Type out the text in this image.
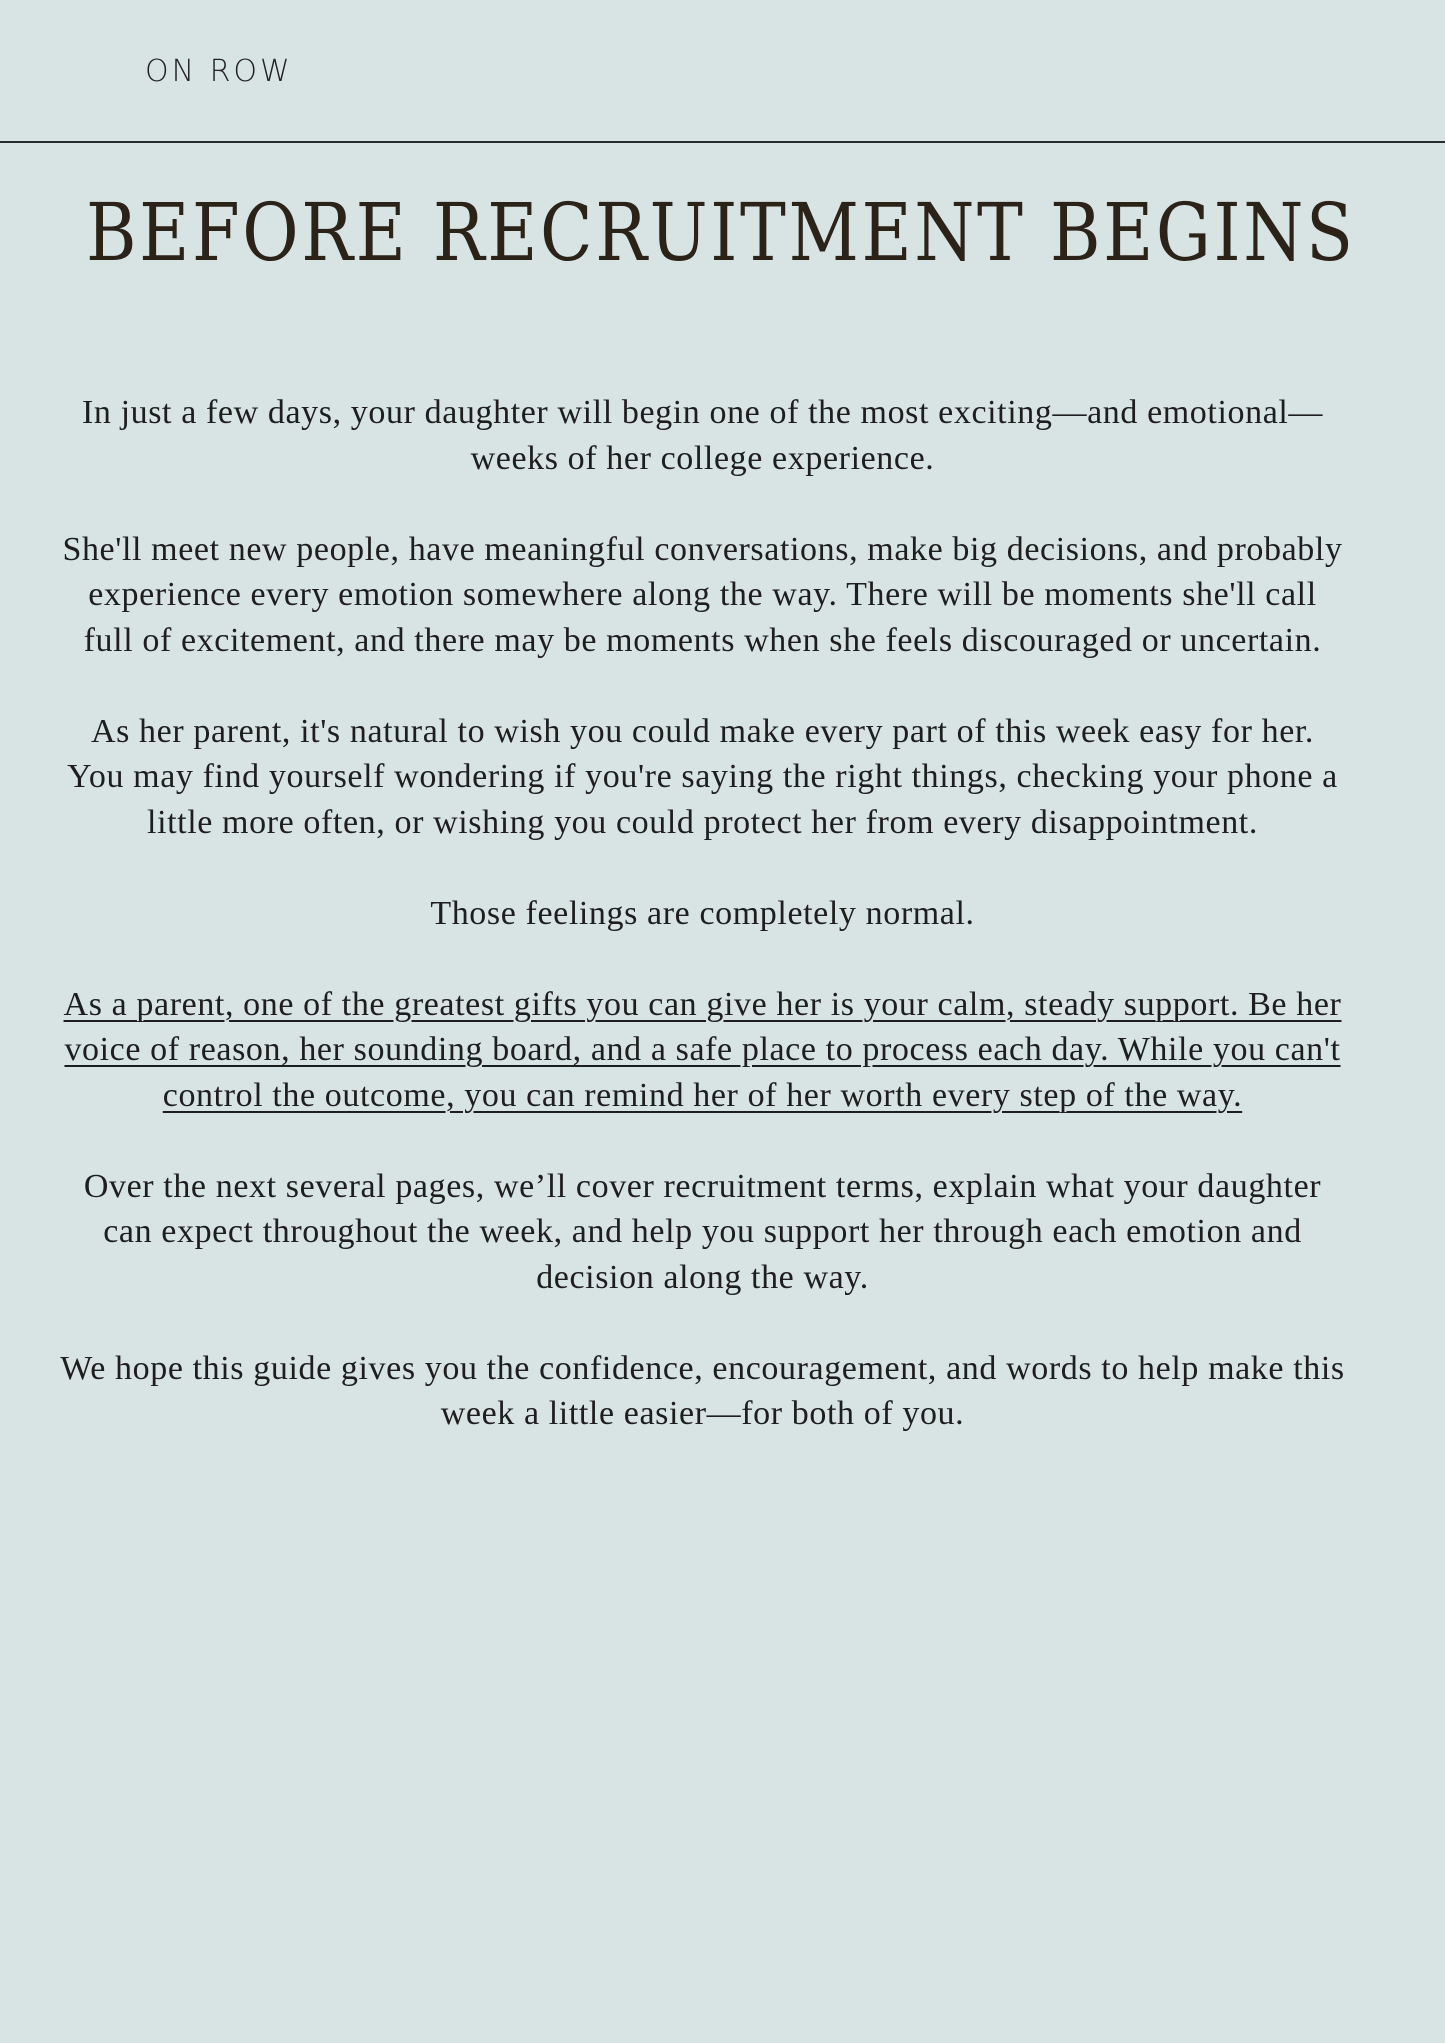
ON ROW
BEFORE RECRUITMENT BEGINS

In just a few days, your daughter will begin one of the most exciting—and emotional—weeks of her college experience.

She'll meet new people, have meaningful conversations, make big decisions, and probably experience every emotion somewhere along the way. There will be moments she'll call full of excitement, and there may be moments when she feels discouraged or uncertain.

As her parent, it's natural to wish you could make every part of this week easy for her.

You may find yourself wondering if you're saying the right things, checking your phone a little more often, or wishing you could protect her from every disappointment.

Those feelings are completely normal.

As a parent, one of the greatest gifts you can give her is your calm, steady support. Be her voice of reason, her sounding board, and a safe place to process each day. While you can't control the outcome, you can remind her of her worth every step of the way.

Over the next several pages, we’ll cover recruitment terms, explain what your daughter can expect throughout the week, and help you support her through each emotion and decision along the way.

We hope this guide gives you the confidence, encouragement, and words to help make this week a little easier—for both of you.
